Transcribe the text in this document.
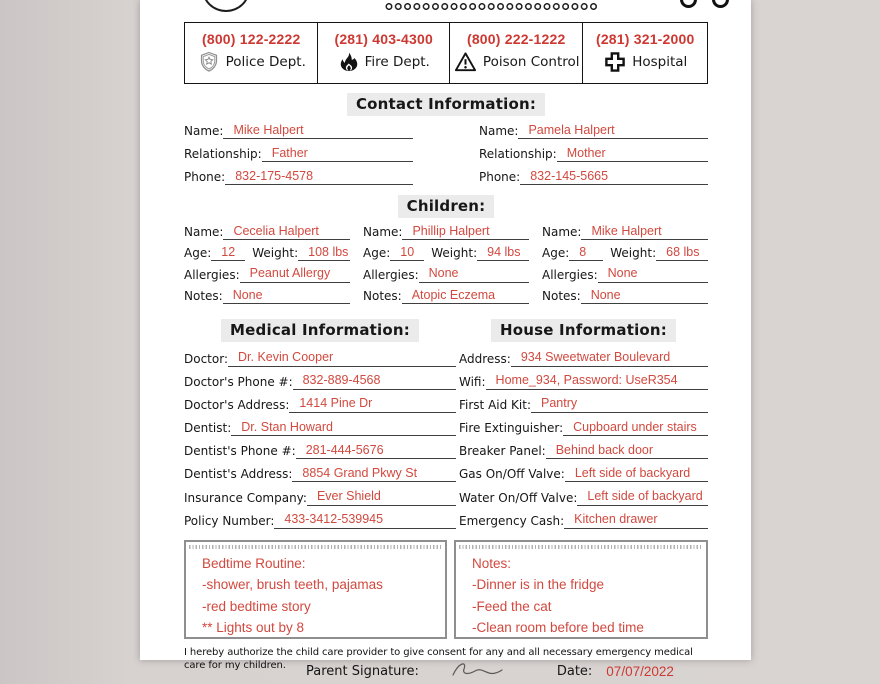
(800) 122-2222
Police Dept.
(281) 403-4300
Fire Dept.
(800) 222-1222
Poison Control
(281) 321-2000
Hospital
Contact Information:
Name: Mike Halpert
Relationship: Father
Phone: 832-175-4578
Name: Pamela Halpert
Relationship: Mother
Phone: 832-145-5665
Children:
Name: Cecelia Halpert
Age: 12	Weight: 108 lbs
Allergies: Peanut Allergy
Notes: None
Name: Phillip Halpert
Age: 10	Weight: 94 lbs
Allergies: None
Notes: Atopic Eczema
Name: Mike Halpert
Age: 8	Weight: 68 lbs
Allergies: None
Notes: None
Medical Information:
Doctor: Dr. Kevin Cooper
Doctor's Phone #: 832-889-4568
Doctor's Address: 1414 Pine Dr
Dentist: Dr. Stan Howard
Dentist's Phone #: 281-444-5676
Dentist's Address: 8854 Grand Pkwy St
Insurance Company: Ever Shield
Policy Number: 433-3412-539945
House Information:
Address: 934 Sweetwater Boulevard
Wifi: Home_934, Password: UseR354
First Aid Kit: Pantry
Fire Extinguisher: Cupboard under stairs
Breaker Panel: Behind back door
Gas On/Off Valve: Left side of backyard
Water On/Off Valve: Left side of backyard
Emergency Cash: Kitchen drawer
Bedtime Routine:
-shower, brush teeth, pajamas
-red bedtime story
** Lights out by 8
Notes:
-Dinner is in the fridge
-Feed the cat
-Clean room before bed time
I hereby authorize the child care provider to give consent for any and all necessary emergency medical care for my children.	Parent Signature:	Date: 07/07/2022
